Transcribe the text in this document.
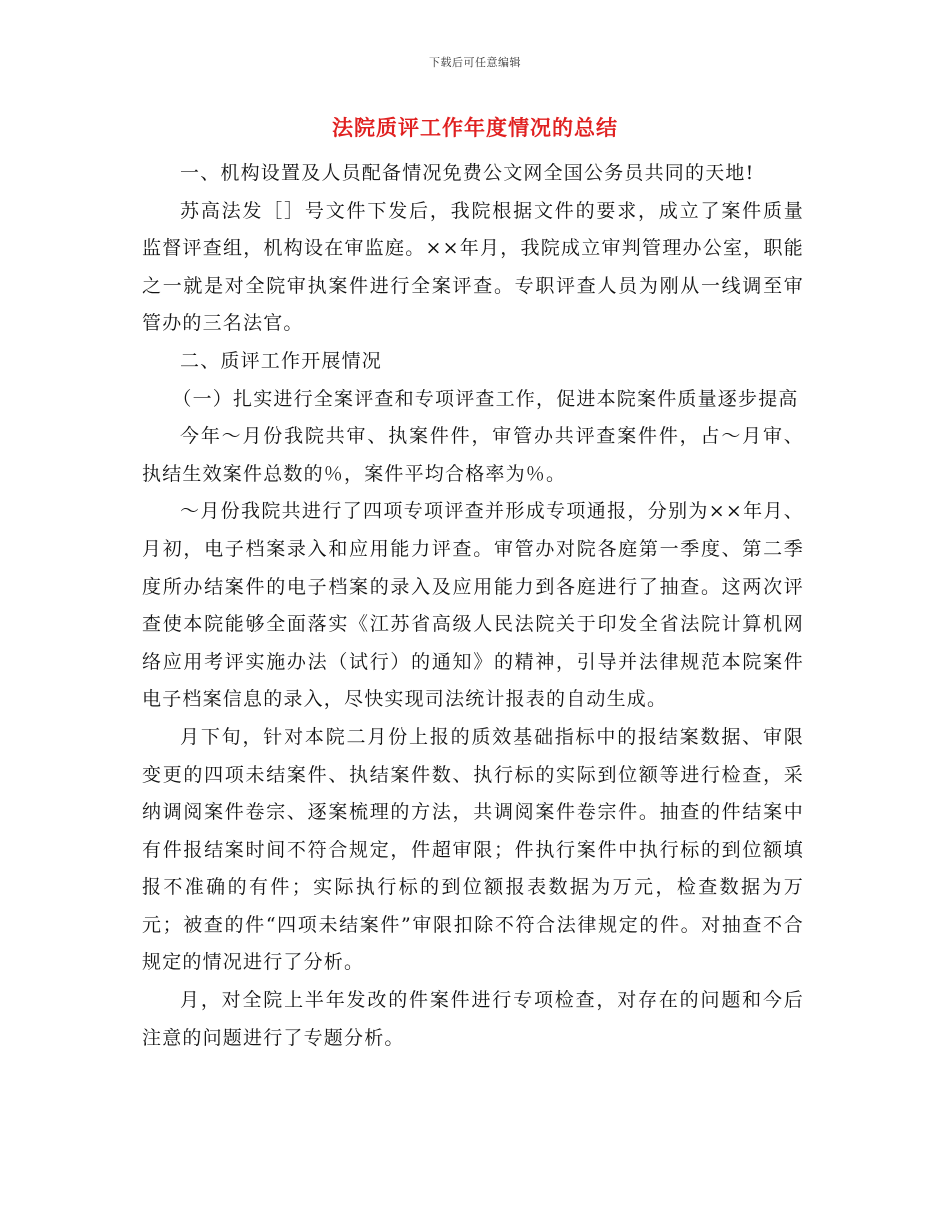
下载后可任意编辑
法院质评工作年度情况的总结

一、机构设置及人员配备情况免费公文网全国公务员共同的天地!

苏高法发［］号文件下发后，我院根据文件的要求，成立了案件质量监督评查组，机构设在审监庭。××年月，我院成立审判管理办公室，职能之一就是对全院审执案件进行全案评查。专职评查人员为刚从一线调至审管办的三名法官。

二、质评工作开展情况

（一）扎实进行全案评查和专项评查工作，促进本院案件质量逐步提高

今年～月份我院共审、执案件件，审管办共评查案件件，占～月审、执结生效案件总数的％，案件平均合格率为％。

～月份我院共进行了四项专项评查并形成专项通报，分别为××年月、月初，电子档案录入和应用能力评查。审管办对院各庭第一季度、第二季度所办结案件的电子档案的录入及应用能力到各庭进行了抽查。这两次评查使本院能够全面落实《江苏省高级人民法院关于印发全省法院计算机网络应用考评实施办法（试行）的通知》的精神，引导并法律规范本院案件电子档案信息的录入，尽快实现司法统计报表的自动生成。

月下旬，针对本院二月份上报的质效基础指标中的报结案数据、审限变更的四项未结案件、执结案件数、执行标的实际到位额等进行检查，采纳调阅案件卷宗、逐案梳理的方法，共调阅案件卷宗件。抽查的件结案中有件报结案时间不符合规定，件超审限；件执行案件中执行标的到位额填报不准确的有件；实际执行标的到位额报表数据为万元，检查数据为万元；被查的件“四项未结案件”审限扣除不符合法律规定的件。对抽查不合规定的情况进行了分析。

月，对全院上半年发改的件案件进行专项检查，对存在的问题和今后注意的问题进行了专题分析。
